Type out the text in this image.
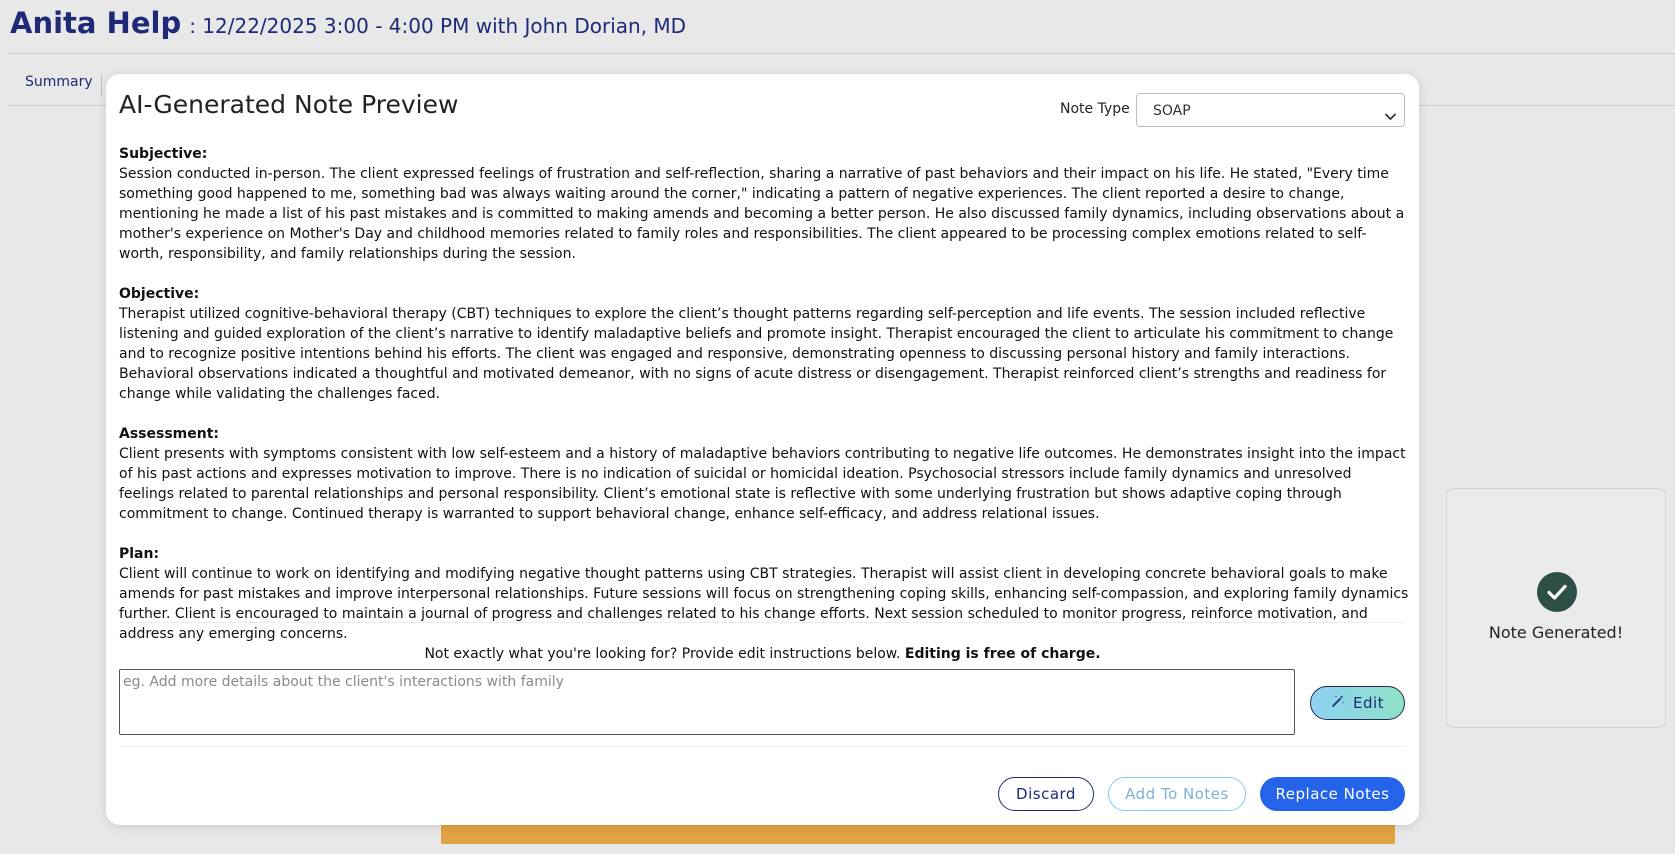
Anita Help : 12/22/2025 3:00 - 4:00 PM with John Dorian, MD
Summary
Note Generated!
AI-Generated Note Preview	Note Type SOAP
Subjective:
Session conducted in-person. The client expressed feelings of frustration and self-reflection, sharing a narrative of past behaviors and their impact on his life. He stated, "Every time something good happened to me, something bad was always waiting around the corner," indicating a pattern of negative experiences. The client reported a desire to change, mentioning he made a list of his past mistakes and is committed to making amends and becoming a better person. He also discussed family dynamics, including observations about a mother's experience on Mother's Day and childhood memories related to family roles and responsibilities. The client appeared to be processing complex emotions related to self-worth, responsibility, and family relationships during the session.
Objective:
Therapist utilized cognitive-behavioral therapy (CBT) techniques to explore the client’s thought patterns regarding self-perception and life events. The session included reflective listening and guided exploration of the client’s narrative to identify maladaptive beliefs and promote insight. Therapist encouraged the client to articulate his commitment to change and to recognize positive intentions behind his efforts. The client was engaged and responsive, demonstrating openness to discussing personal history and family interactions. Behavioral observations indicated a thoughtful and motivated demeanor, with no signs of acute distress or disengagement. Therapist reinforced client’s strengths and readiness for change while validating the challenges faced.
Assessment:
Client presents with symptoms consistent with low self-esteem and a history of maladaptive behaviors contributing to negative life outcomes. He demonstrates insight into the impact of his past actions and expresses motivation to improve. There is no indication of suicidal or homicidal ideation. Psychosocial stressors include family dynamics and unresolved feelings related to parental relationships and personal responsibility. Client’s emotional state is reflective with some underlying frustration but shows adaptive coping through commitment to change. Continued therapy is warranted to support behavioral change, enhance self-efficacy, and address relational issues.
Plan:
Client will continue to work on identifying and modifying negative thought patterns using CBT strategies. Therapist will assist client in developing concrete behavioral goals to make amends for past mistakes and improve interpersonal relationships. Future sessions will focus on strengthening coping skills, enhancing self-compassion, and exploring family dynamics further. Client is encouraged to maintain a journal of progress and challenges related to his change efforts. Next session scheduled to monitor progress, reinforce motivation, and address any emerging concerns.
Not exactly what you're looking for? Provide edit instructions below. Editing is free of charge.
eg. Add more details about the client's interactions with family
Edit
Discard	Add To Notes	Replace Notes
